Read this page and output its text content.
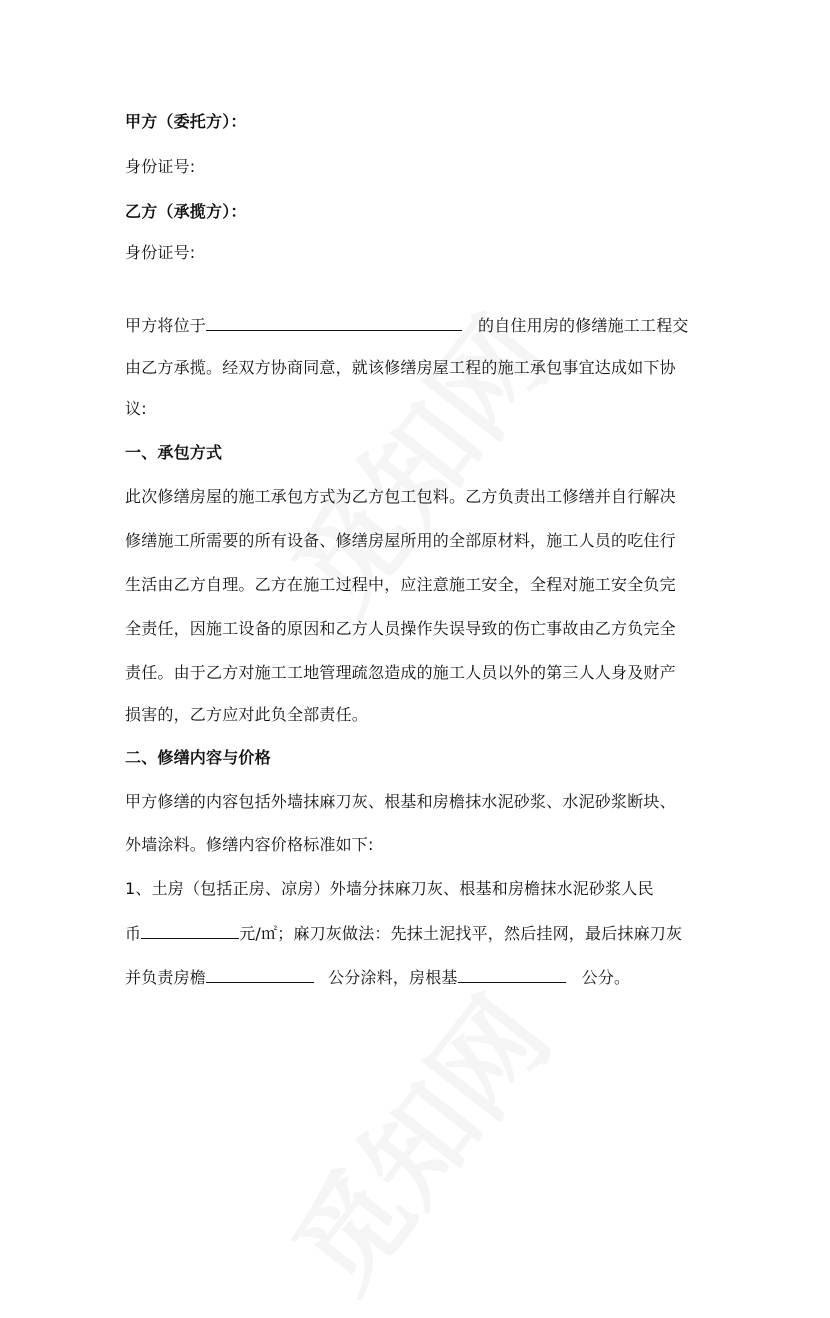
甲方（委托方）：
身份证号:
乙方（承揽方）：
身份证号:
甲方将位于	的自住用房的修缮施工工程交
由乙方承揽。经双方协商同意，就该修缮房屋工程的施工承包事宜达成如下协
议:
一、承包方式
此次修缮房屋的施工承包方式为乙方包工包料。乙方负责出工修缮并自行解决
修缮施工所需要的所有设备、修缮房屋所用的全部原材料，施工人员的吃住行
生活由乙方自理。乙方在施工过程中，应注意施工安全，全程对施工安全负完
全责任，因施工设备的原因和乙方人员操作失误导致的伤亡事故由乙方负完全
责任。由于乙方对施工工地管理疏忽造成的施工人员以外的第三人人身及财产
损害的，乙方应对此负全部责任。
二、修缮内容与价格
甲方修缮的内容包括外墙抹麻刀灰、根基和房檐抹水泥砂浆、水泥砂浆断块、
外墙涂料。修缮内容价格标准如下:
1、土房（包括正房、凉房）外墙分抹麻刀灰、根基和房檐抹水泥砂浆人民
币	元/㎡；麻刀灰做法：先抹土泥找平，然后挂网，最后抹麻刀灰
并负责房檐	公分涂料，房根基	公分。
